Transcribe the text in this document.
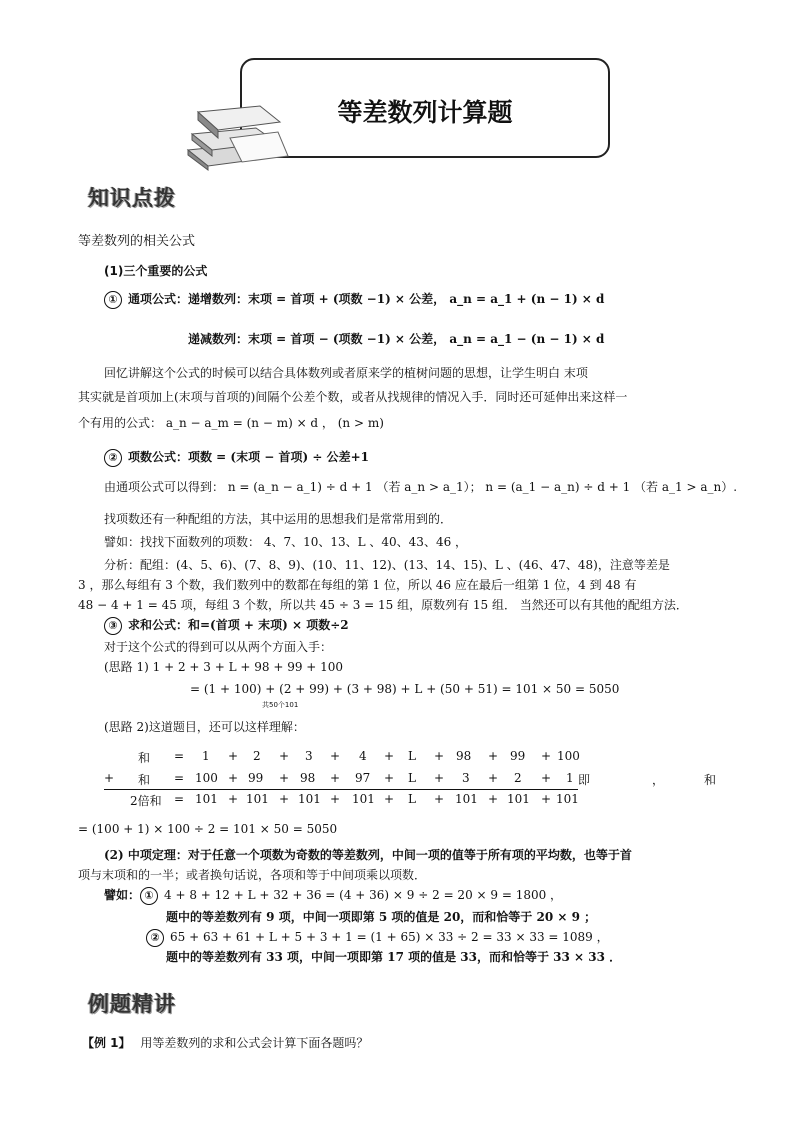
等差数列计算题
知识点拨
等差数列的相关公式
(1)三个重要的公式
① 通项公式：递增数列：末项 = 首项 + (项数 −1) × 公差， a_n = a_1 + (n − 1) × d
递减数列：末项 = 首项 − (项数 −1) × 公差， a_n = a_1 − (n − 1) × d
回忆讲解这个公式的时候可以结合具体数列或者原来学的植树问题的思想，让学生明白 末项
其实就是首项加上(末项与首项的)间隔个公差个数，或者从找规律的情况入手．同时还可延伸出来这样一
个有用的公式： a_n − a_m = (n − m) × d ， (n > m)
② 项数公式：项数 = (末项 − 首项) ÷ 公差+1
由通项公式可以得到： n = (a_n − a_1) ÷ d + 1 （若 a_n > a_1）； n = (a_1 − a_n) ÷ d + 1 （若 a_1 > a_n）.
找项数还有一种配组的方法，其中运用的思想我们是常常用到的．
譬如：找找下面数列的项数： 4、7、10、13、L 、40、43、46 ，
分析：配组：(4、5、6)、(7、8、9)、(10、11、12)、(13、14、15)、L 、(46、47、48)，注意等差是
3 ，那么每组有 3 个数，我们数列中的数都在每组的第 1 位，所以 46 应在最后一组第 1 位，4 到 48 有
48 − 4 + 1 = 45 项，每组 3 个数，所以共 45 ÷ 3 = 15 组，原数列有 15 组． 当然还可以有其他的配组方法．
③ 求和公式：和=(首项 + 末项) × 项数÷2
对于这个公式的得到可以从两个方面入手：
(思路 1) 1 + 2 + 3 + L + 98 + 99 + 100
= (1 + 100) + (2 + 99) + (3 + 98) + L + (50 + 51) = 101 × 50 = 5050
共50个101
(思路 2)这道题目，还可以这样理解：
和 = 1 + 2 + 3 + 4 + L + 98 + 99 + 100
+ 和 = 100 + 99 + 98 + 97 + L + 3 + 2 + 1 即	，	和
2倍和 = 101 + 101 + 101 + 101 + L + 101 + 101 + 101
= (100 + 1) × 100 ÷ 2 = 101 × 50 = 5050
(2) 中项定理：对于任意一个项数为奇数的等差数列，中间一项的值等于所有项的平均数，也等于首
项与末项和的一半；或者换句话说，各项和等于中间项乘以项数．
譬如： ① 4 + 8 + 12 + L + 32 + 36 = (4 + 36) × 9 ÷ 2 = 20 × 9 = 1800 ，
题中的等差数列有 9 项，中间一项即第 5 项的值是 20，而和恰等于 20 × 9 ；
② 65 + 63 + 61 + L + 5 + 3 + 1 = (1 + 65) × 33 ÷ 2 = 33 × 33 = 1089 ，
题中的等差数列有 33 项，中间一项即第 17 项的值是 33，而和恰等于 33 × 33 ．
例题精讲
【例 1】 用等差数列的求和公式会计算下面各题吗？
